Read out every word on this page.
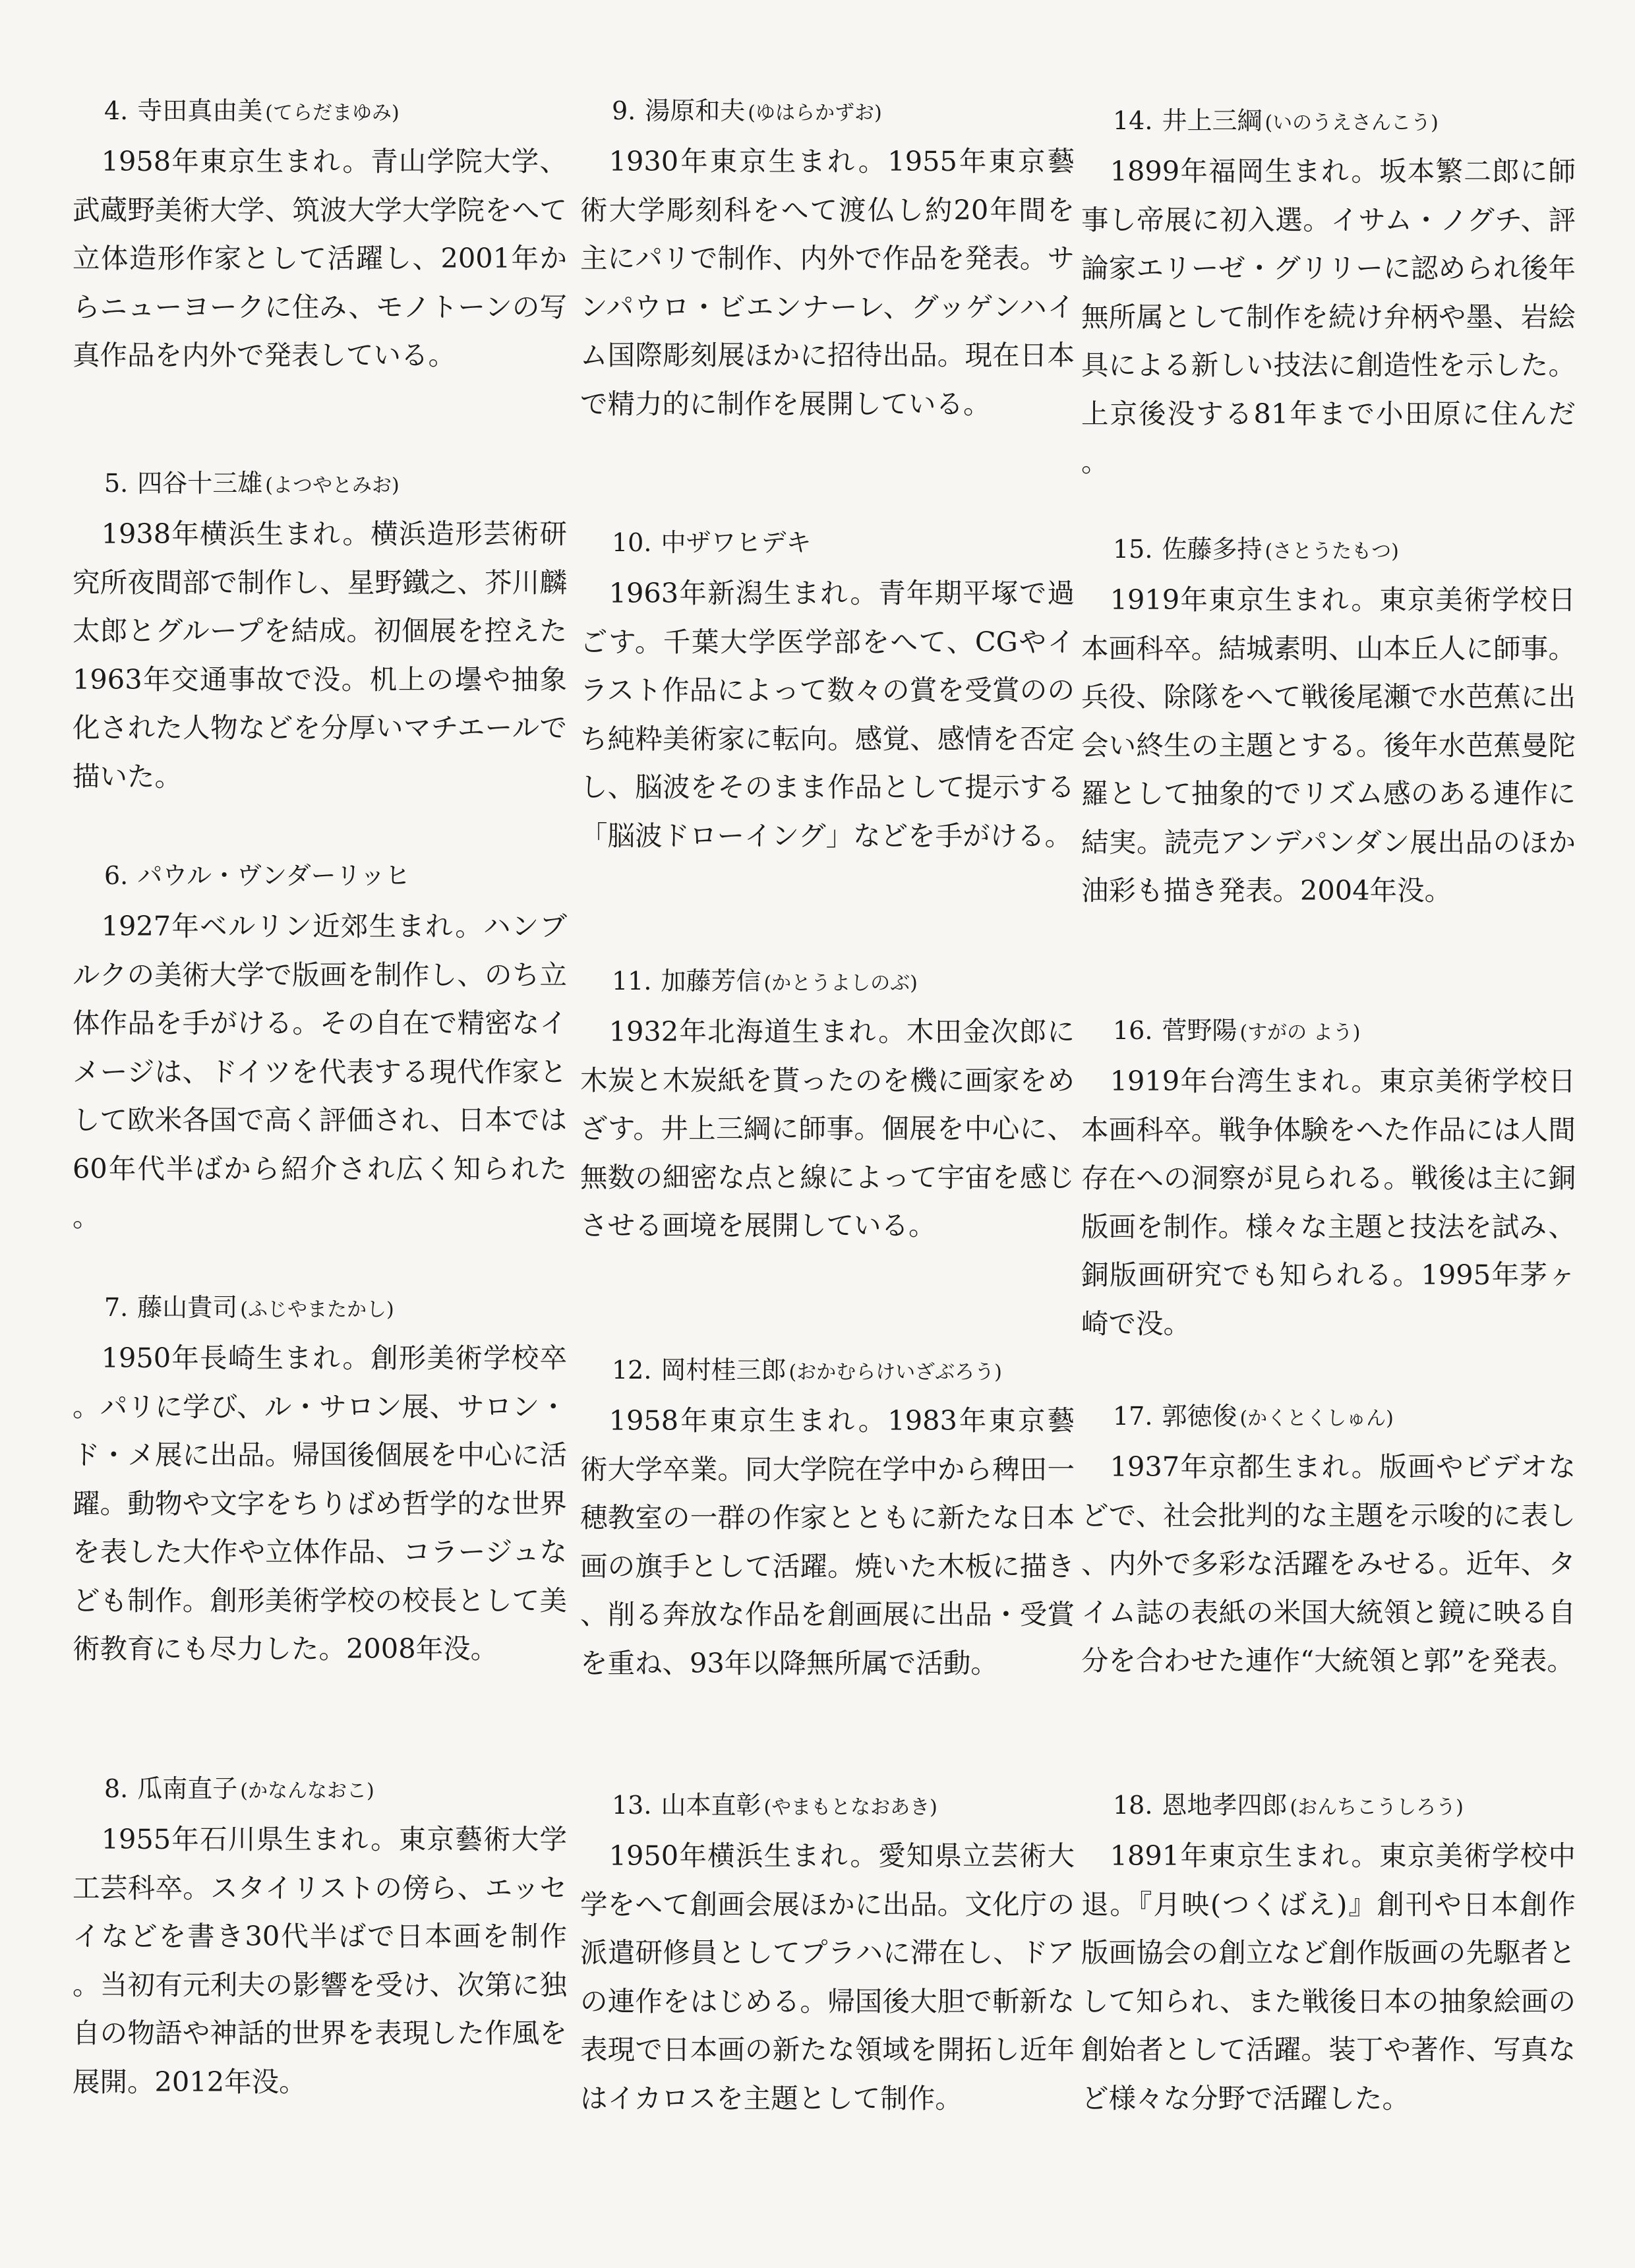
4. 寺田真由美 (てらだまゆみ)

1958年東京生まれ。青山学院大学、武蔵野美術大学、筑波大学大学院をへて立体造形作家として活躍し、2001年からニューヨークに住み、モノトーンの写真作品を内外で発表している。

5. 四谷十三雄 (よつやとみお)

1938年横浜生まれ。横浜造形芸術研究所夜間部で制作し、星野鐵之、芥川麟太郎とグループを結成。初個展を控えた1963年交通事故で没。机上の壜や抽象化された人物などを分厚いマチエールで描いた。

6. パウル・ヴンダーリッヒ

1927年ベルリン近郊生まれ。ハンブルクの美術大学で版画を制作し、のち立体作品を手がける。その自在で精密なイメージは、ドイツを代表する現代作家として欧米各国で高く評価され、日本では60年代半ばから紹介され広く知られた。

7. 藤山貴司 (ふじやまたかし)

1950年長崎生まれ。創形美術学校卒。パリに学び、ル・サロン展、サロン・ド・メ展に出品。帰国後個展を中心に活躍。動物や文字をちりばめ哲学的な世界を表した大作や立体作品、コラージュなども制作。創形美術学校の校長として美術教育にも尽力した。2008年没。

8. 瓜南直子 (かなんなおこ)

1955年石川県生まれ。東京藝術大学工芸科卒。スタイリストの傍ら、エッセイなどを書き30代半ばで日本画を制作。当初有元利夫の影響を受け、次第に独自の物語や神話的世界を表現した作風を展開。2012年没。

9. 湯原和夫 (ゆはらかずお)

1930年東京生まれ。1955年東京藝術大学彫刻科をへて渡仏し約20年間を主にパリで制作、内外で作品を発表。サンパウロ・ビエンナーレ、グッゲンハイム国際彫刻展ほかに招待出品。現在日本で精力的に制作を展開している。

10. 中ザワヒデキ

1963年新潟生まれ。青年期平塚で過ごす。千葉大学医学部をへて、CGやイラスト作品によって数々の賞を受賞ののち純粋美術家に転向。感覚、感情を否定し、脳波をそのまま作品として提示する「脳波ドローイング」などを手がける。

11. 加藤芳信 (かとうよしのぶ)

1932年北海道生まれ。木田金次郎に木炭と木炭紙を貰ったのを機に画家をめざす。井上三綱に師事。個展を中心に、無数の細密な点と線によって宇宙を感じさせる画境を展開している。

12. 岡村桂三郎 (おかむらけいざぶろう)

1958年東京生まれ。1983年東京藝術大学卒業。同大学院在学中から稗田一穂教室の一群の作家とともに新たな日本画の旗手として活躍。焼いた木板に描き、削る奔放な作品を創画展に出品・受賞を重ね、93年以降無所属で活動。

13. 山本直彰 (やまもとなおあき)

1950年横浜生まれ。愛知県立芸術大学をへて創画会展ほかに出品。文化庁の派遣研修員としてプラハに滞在し、ドアの連作をはじめる。帰国後大胆で斬新な表現で日本画の新たな領域を開拓し近年はイカロスを主題として制作。

14. 井上三綱 (いのうえさんこう)

1899年福岡生まれ。坂本繁二郎に師事し帝展に初入選。イサム・ノグチ、評論家エリーゼ・グリリーに認められ後年無所属として制作を続け弁柄や墨、岩絵具による新しい技法に創造性を示した。上京後没する81年まで小田原に住んだ。

15. 佐藤多持 (さとうたもつ)

1919年東京生まれ。東京美術学校日本画科卒。結城素明、山本丘人に師事。兵役、除隊をへて戦後尾瀬で水芭蕉に出会い終生の主題とする。後年水芭蕉曼陀羅として抽象的でリズム感のある連作に結実。読売アンデパンダン展出品のほか油彩も描き発表。2004年没。

16. 菅野陽 (すがの よう)

1919年台湾生まれ。東京美術学校日本画科卒。戦争体験をへた作品には人間存在への洞察が見られる。戦後は主に銅版画を制作。様々な主題と技法を試み、銅版画研究でも知られる。1995年茅ヶ崎で没。

17. 郭徳俊 (かくとくしゅん)

1937年京都生まれ。版画やビデオなどで、社会批判的な主題を示唆的に表し、内外で多彩な活躍をみせる。近年、タイム誌の表紙の米国大統領と鏡に映る自分を合わせた連作“大統領と郭”を発表。

18. 恩地孝四郎 (おんちこうしろう)

1891年東京生まれ。東京美術学校中退。『月映(つくばえ)』創刊や日本創作版画協会の創立など創作版画の先駆者として知られ、また戦後日本の抽象絵画の創始者として活躍。装丁や著作、写真など様々な分野で活躍した。
